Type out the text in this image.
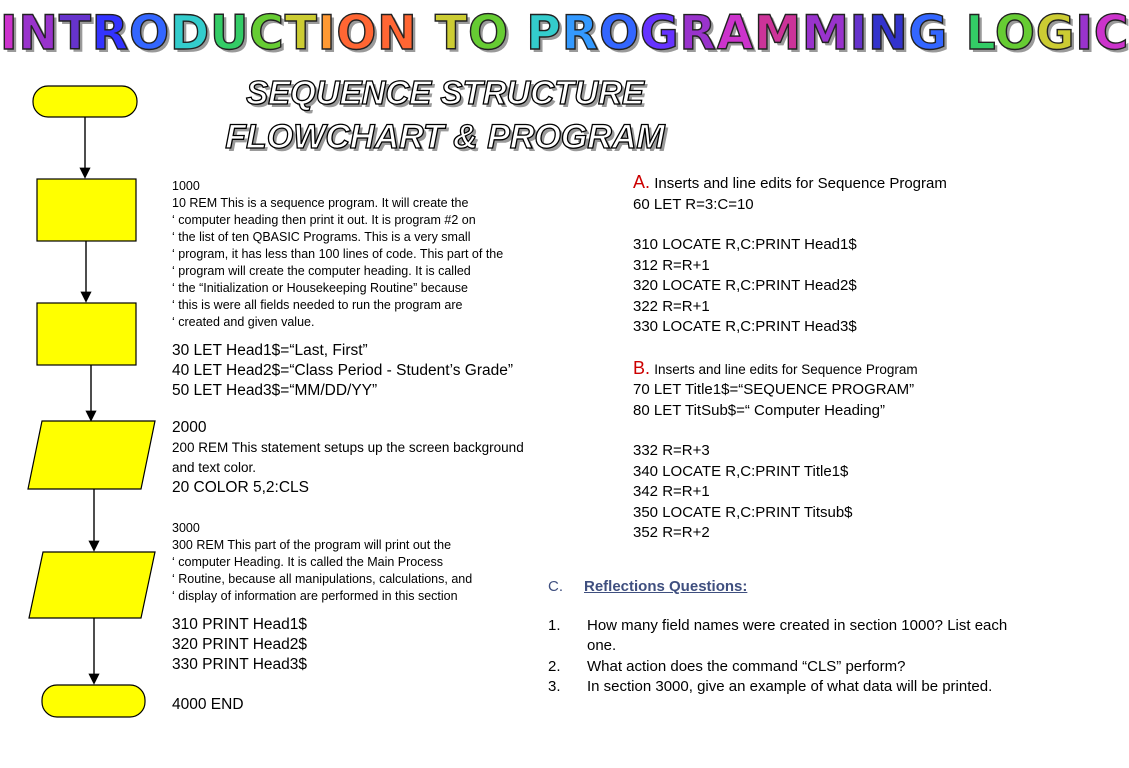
INTRODUCTION TO PROGRAMMING LOGIC
SEQUENCE STRUCTURE
FLOWCHART & PROGRAM
1000
10 REM This is a sequence program. It will create the
‘ computer heading then print it out. It is program #2 on
‘ the list of ten QBASIC Programs. This is a very small
‘ program, it has less than 100 lines of code. This part of the
‘ program will create the computer heading. It is called
‘ the “Initialization or Housekeeping Routine” because
‘ this is were all fields needed to run the program are
‘ created and given value.
30 LET Head1$=“Last, First”
40 LET Head2$=“Class Period - Student’s Grade”
50 LET Head3$=“MM/DD/YY”
2000
200 REM This statement setups up the screen background
and text color.
20 COLOR 5,2:CLS
3000
300 REM This part of the program will print out the
‘ computer Heading. It is called the Main Process
‘ Routine, because all manipulations, calculations, and
‘ display of information are performed in this section
310 PRINT Head1$
320 PRINT Head2$
330 PRINT Head3$
4000 END
A. Inserts and line edits for Sequence Program
60 LET R=3:C=10
310 LOCATE R,C:PRINT Head1$
312 R=R+1
320 LOCATE R,C:PRINT Head2$
322 R=R+1
330 LOCATE R,C:PRINT Head3$
B. Inserts and line edits for Sequence Program
70 LET Title1$=“SEQUENCE PROGRAM”
80 LET TitSub$=“ Computer Heading”
332 R=R+3
340 LOCATE R,C:PRINT Title1$
342 R=R+1
350 LOCATE R,C:PRINT Titsub$
352 R=R+2
C. Reflections Questions:
1.	How many field names were created in section 1000? List each one.
2.	What action does the command “CLS” perform?
3.	In section 3000, give an example of what data will be printed.
